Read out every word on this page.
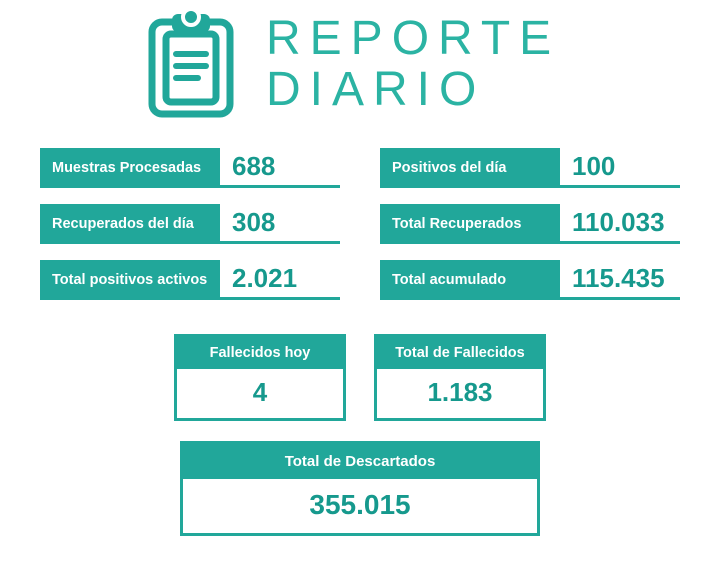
REPORTE
DIARIO
Muestras Procesadas	688	Positivos del día	100
Recuperados del día	308	Total Recuperados	110.033
Total positivos activos 2.021	Total acumulado	115.435
Fallecidos hoy
4
Total de Fallecidos
1.183
Total de Descartados
355.015
